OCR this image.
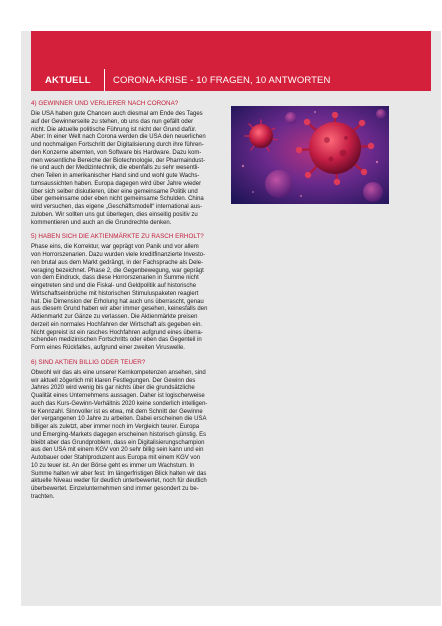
AKTUELL CORONA-KRISE - 10 FRAGEN, 10 ANTWORTEN
4) GEWINNER UND VERLIERER NACH CORONA?

Die USA haben gute Chancen auch diesmal am Ende des Tages
auf der Gewinnerseite zu stehen, ob uns das nun gefällt oder
nicht. Die aktuelle politische Führung ist nicht der Grund dafür.
Aber: In einer Welt nach Corona werden die USA den neuerlichen
und nochmaligen Fortschritt der Digitalisierung durch ihre führen-
den Konzerne abernten, von Software bis Hardware. Dazu kom-
men wesentliche Bereiche der Biotechnologie, der Pharmaindust-
rie und auch der Medizintechnik, die ebenfalls zu sehr wesentli-
chen Teilen in amerikanischer Hand sind und wohl gute Wachs-
tumsaussichten haben. Europa dagegen wird über Jahre wieder
über sich selber diskutieren, über eine gemeinsame Politik und
über gemeinsame oder eben nicht gemeinsame Schulden. China
wird versuchen, das eigene „Geschäftsmodell“ international aus-
zuloben. Wir sollten uns gut überlegen, dies einseitig positiv zu
kommentieren und auch an die Grundrechte denken.

5) HABEN SICH DIE AKTIENMÄRKTE ZU RASCH ERHOLT?

Phase eins, die Korrektur, war geprägt von Panik und vor allem
von Horrorszenarien. Dazu wurden viele kreditfinanzierte Investo-
ren brutal aus dem Markt gedrängt, in der Fachsprache als Dele-
veraging bezeichnet. Phase 2, die Gegenbewegung, war geprägt
von dem Eindruck, dass diese Horrorszenarien in Summe nicht
eingetreten sind und die Fiskal- und Geldpolitik auf historische
Wirtschaftseinbrüche mit historischen Stimuluspaketen reagiert
hat. Die Dimension der Erholung hat auch uns überrascht, genau
aus diesem Grund haben wir aber immer gesehen, keinesfalls den
Aktienmarkt zur Gänze zu verlassen. Die Aktienmärkte preisen
derzeit ein normales Hochfahren der Wirtschaft als gegeben ein.
Nicht gepreist ist ein rasches Hochfahren aufgrund eines überra-
schenden medizinischen Fortschritts oder eben das Gegenteil in
Form eines Rückfalles, aufgrund einer zweiten Viruswelle.

6) SIND AKTIEN BILLIG ODER TEUER?

Obwohl wir das als eine unserer Kernkompetenzen ansehen, sind
wir aktuell zögerlich mit klaren Festlegungen. Der Gewinn des
Jahres 2020 wird wenig bis gar nichts über die grundsätzliche
Qualität eines Unternehmens aussagen. Daher ist logischerweise
auch das Kurs-Gewinn-Verhältnis 2020 keine sonderlich intelligen-
te Kennzahl. Sinnvoller ist es etwa, mit dem Schnitt der Gewinne
der vergangenen 10 Jahre zu arbeiten. Dabei erscheinen die USA
billiger als zuletzt, aber immer noch im Vergleich teurer. Europa
und Emerging-Markets dagegen erscheinen historisch günstig. Es
bleibt aber das Grundproblem, dass ein Digitalisierungschampion
aus den USA mit einem KGV von 20 sehr billig sein kann und ein
Autobauer oder Stahlproduzent aus Europa mit einem KGV von
10 zu teuer ist. An der Börse geht es immer um Wachstum. In
Summe halten wir aber fest: Im längerfristigen Blick halten wir das
aktuelle Niveau weder für deutlich unterbewertet, noch für deutlich
überbewertet. Einzelunternehmen sind immer gesondert zu be-
trachten.
